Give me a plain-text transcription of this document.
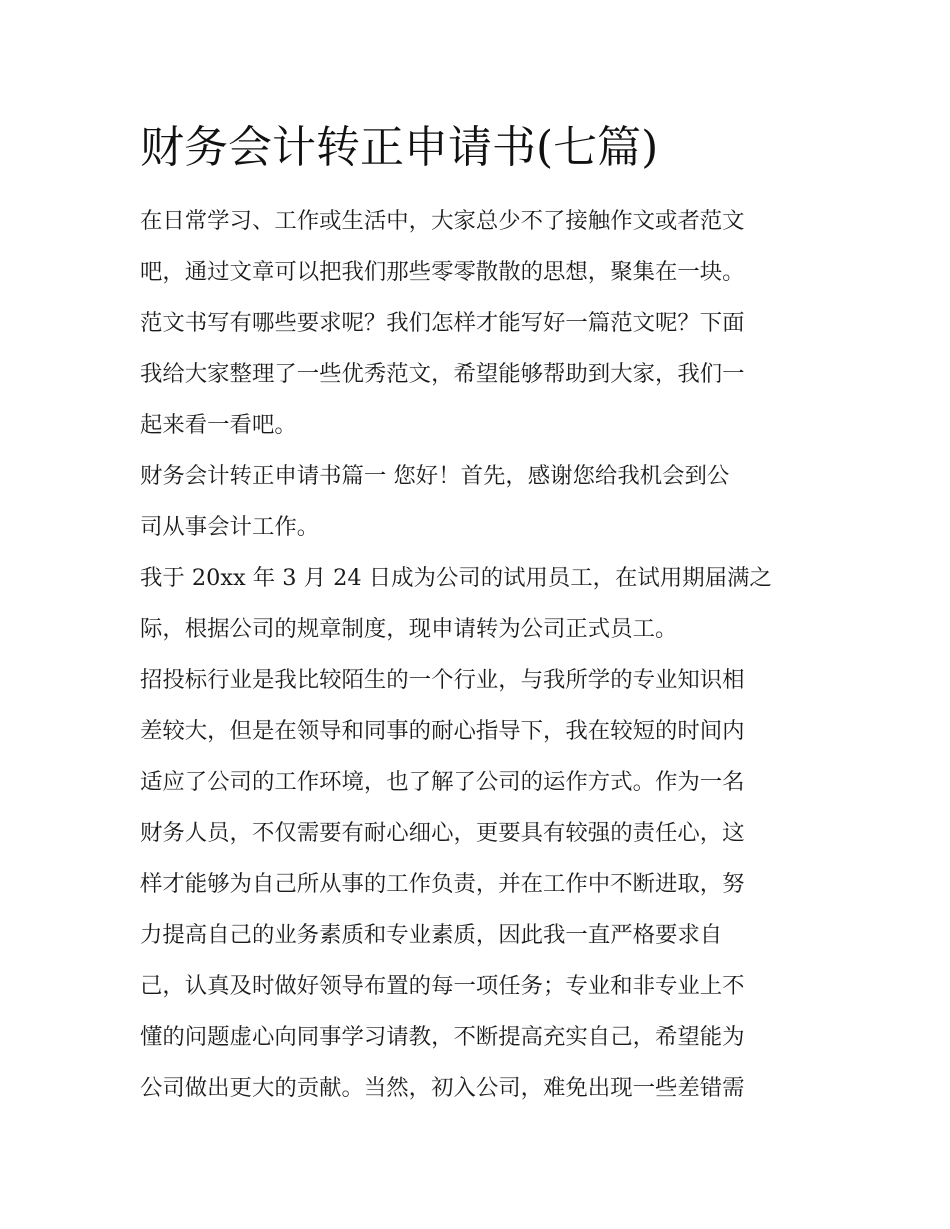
财务会计转正申请书(七篇)
在日常学习、工作或生活中，大家总少不了接触作文或者范文
吧，通过文章可以把我们那些零零散散的思想，聚集在一块。
范文书写有哪些要求呢？我们怎样才能写好一篇范文呢？下面
我给大家整理了一些优秀范文，希望能够帮助到大家，我们一
起来看一看吧。
财务会计转正申请书篇一 您好！首先，感谢您给我机会到公
司从事会计工作。
我于 20xx 年 3 月 24 日成为公司的试用员工，在试用期届满之
际，根据公司的规章制度，现申请转为公司正式员工。
招投标行业是我比较陌生的一个行业，与我所学的专业知识相
差较大，但是在领导和同事的耐心指导下，我在较短的时间内
适应了公司的工作环境，也了解了公司的运作方式。作为一名
财务人员，不仅需要有耐心细心，更要具有较强的责任心，这
样才能够为自己所从事的工作负责，并在工作中不断进取，努
力提高自己的业务素质和专业素质，因此我一直严格要求自
己，认真及时做好领导布置的每一项任务；专业和非专业上不
懂的问题虚心向同事学习请教，不断提高充实自己，希望能为
公司做出更大的贡献。当然，初入公司，难免出现一些差错需
